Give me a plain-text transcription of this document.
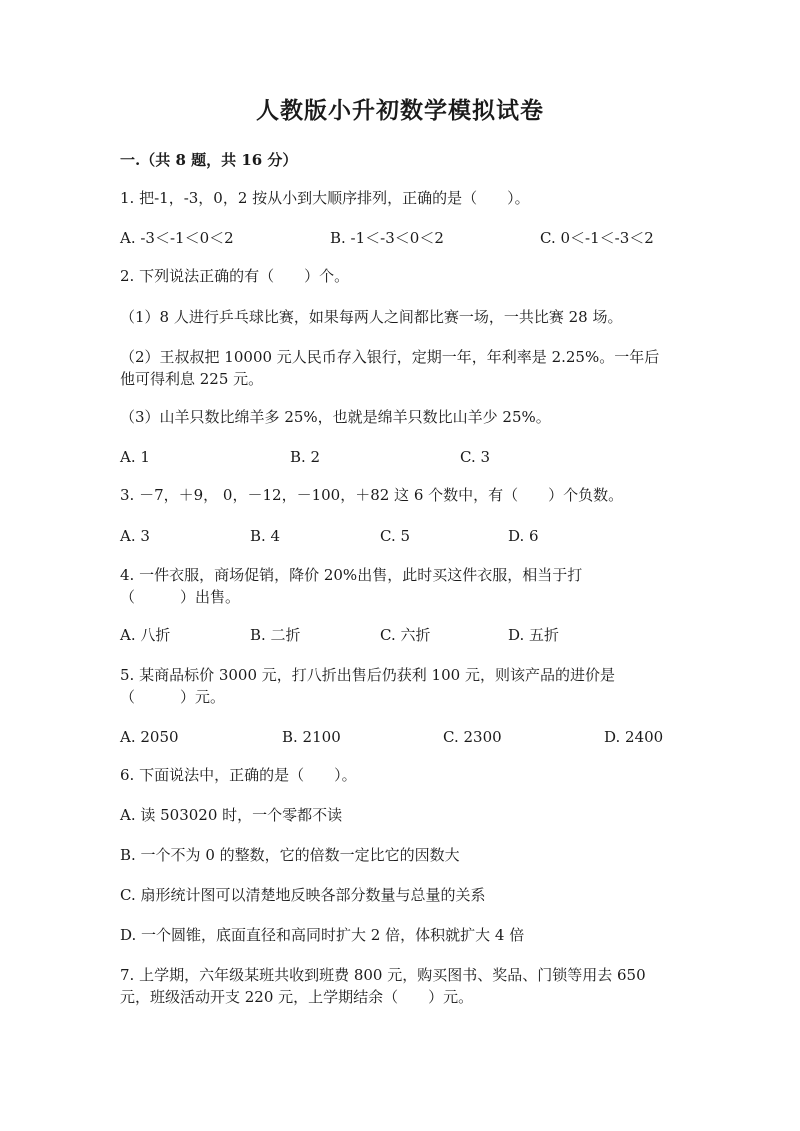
人教版小升初数学模拟试卷
一.（共 8 题，共 16 分）
1. 把-1，-3，0，2 按从小到大顺序排列，正确的是（　　）。
A. -3＜-1＜0＜2	B. -1＜-3＜0＜2	C. 0＜-1＜-3＜2
2. 下列说法正确的有（　　）个。
（1）8 人进行乒乓球比赛，如果每两人之间都比赛一场，一共比赛 28 场。
（2）王叔叔把 10000 元人民币存入银行，定期一年，年利率是 2.25%。一年后
他可得利息 225 元。
（3）山羊只数比绵羊多 25%，也就是绵羊只数比山羊少 25%。
A. 1	B. 2	C. 3
3. －7，＋9， 0，－12，－100，＋82 这 6 个数中，有（　　）个负数。
A. 3	B. 4	C. 5	D. 6
4. 一件衣服，商场促销，降价 20%出售，此时买这件衣服，相当于打
（　　　）出售。
A. 八折	B. 二折	C. 六折	D. 五折
5. 某商品标价 3000 元，打八折出售后仍获利 100 元，则该产品的进价是
（　　　）元。
A. 2050	B. 2100	C. 2300	D. 2400
6. 下面说法中，正确的是（　　）。
A. 读 503020 时，一个零都不读
B. 一个不为 0 的整数，它的倍数一定比它的因数大
C. 扇形统计图可以清楚地反映各部分数量与总量的关系
D. 一个圆锥，底面直径和高同时扩大 2 倍，体积就扩大 4 倍
7. 上学期，六年级某班共收到班费 800 元，购买图书、奖品、门锁等用去 650
元，班级活动开支 220 元，上学期结余（　　）元。
